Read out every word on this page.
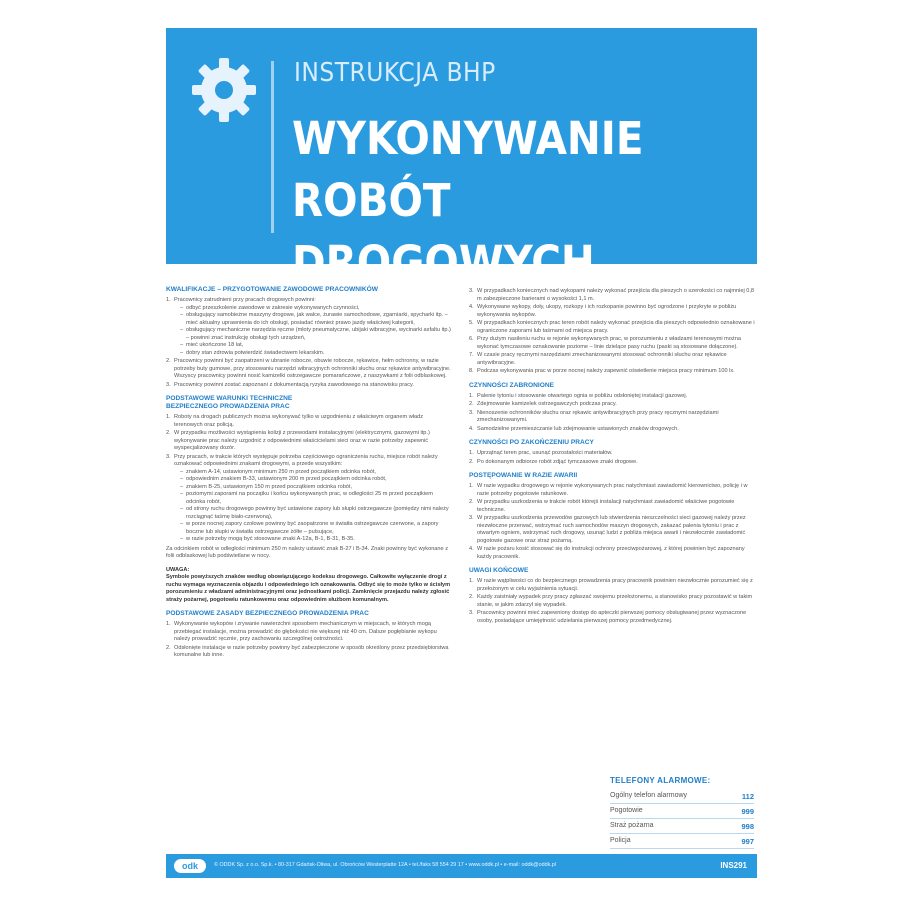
INSTRUKCJA BHP
WYKONYWANIE
ROBÓT DROGOWYCH
KWALIFIKACJE – PRZYGOTOWANIE ZAWODOWE PRACOWNIKÓW
1. Pracownicy zatrudnieni przy pracach drogowych powinni:
– odbyć przeszkolenie zawodowe w zakresie wykonywanych czynności,
– obsługujący samobieżne maszyny drogowe, jak walce, żurawie samochodowe, zgarniarki, spycharki itp. – mieć aktualny uprawnienia do ich obsługi, posiadać również prawo jazdy właściwej kategorii,
– obsługujący mechaniczne narzędzia ręczne (młoty pneumatyczne, ubijaki wibracyjne, wycinarki asfaltu itp.) – powinni znać instrukcję obsługi tych urządzeń,
– mieć ukończone 18 lat,
– dobry stan zdrowia potwierdzić świadectwem lekarskim.
2. Pracownicy powinni być zaopatrzeni w ubranie robocze, obuwie robocze, rękawice, hełm ochronny, w razie potrzeby buty gumowe, przy stosowaniu narzędzi wibracyjnych ochronniki słuchu oraz rękawice antywibracyjne. Wszyscy pracownicy powinni nosić kamizelki ostrzegawcze pomarańczowe, z naszywkami z folii odblaskowej.
3. Pracownicy powinni zostać zapoznani z dokumentacją ryzyka zawodowego na stanowisku pracy.
PODSTAWOWE WARUNKI TECHNICZNE
BEZPIECZNEGO PROWADZENIA PRAC
1. Roboty na drogach publicznych można wykonywać tylko w uzgodnieniu z właściwym organem władz terenowych oraz policją.
2. W przypadku możliwości wystąpienia kolizji z przewodami instalacyjnymi (elektrycznymi, gazowymi itp.) wykonywanie prac należy uzgodnić z odpowiednimi właścicielami sieci oraz w razie potrzeby zapewnić wyspecjalizowany dozór.
3. Przy pracach, w trakcie których występuje potrzeba częściowego ograniczenia ruchu, miejsce robót należy oznakować odpowiednimi znakami drogowymi, a przede wszystkim:
– znakiem A-14, ustawionym minimum 250 m przed początkiem odcinka robót,
– odpowiednim znakiem B-33, ustawionym 200 m przed początkiem odcinka robót,
– znakiem B-25, ustawionym 150 m przed początkiem odcinka robót,
– poziomymi zaporami na początku i końcu wykonywanych prac, w odległości 25 m przed początkiem odcinka robót,
– od strony ruchu drogowego powinny być ustawione zapory lub słupki ostrzegawcze (pomiędzy nimi należy rozciągnąć taśmę biało-czerwoną),
– w porze nocnej zapory czołowe powinny być zaopatrzone w światła ostrzegawcze czerwone, a zapory boczne lub słupki w światła ostrzegawcze żółte – pulsujące,
– w razie potrzeby mogą być stosowane znaki A-12a, B-1, B-31, B-35.
Za odcinkiem robót w odległości minimum 250 m należy ustawić znak B-27 i B-34. Znaki powinny być wykonane z folii odblaskowej lub podświetlane w nocy.
UWAGA:
Symbole powyższych znaków według obowiązującego kodeksu drogowego. Całkowite wyłączenie drogi z ruchu wymaga wyznaczenia objazdu i odpowiedniego ich oznakowania. Odbyć się to może tylko w ścisłym porozumieniu z władzami administracyjnymi oraz jednostkami policji. Zamknięcie przejazdu należy zgłosić straży pożarnej, pogotowiu ratunkowemu oraz odpowiednim służbom komunalnym.
PODSTAWOWE ZASADY BEZPIECZNEGO PROWADZENIA PRAC
1. Wykonywanie wykopów i zrywanie nawierzchni sposobem mechanicznym w miejscach, w których mogą przebiegać instalacje, można prowadzić do głębokości nie większej niż 40 cm. Dalsze pogłębianie wykopu należy prowadzić ręcznie, przy zachowaniu szczególnej ostrożności.
2. Odsłonięte instalacje w razie potrzeby powinny być zabezpieczone w sposób określony przez przedsiębiorstwa komunalne lub inne.
3. W przypadkach koniecznych nad wykopami należy wykonać przejścia dla pieszych o szerokości co najmniej 0,8 m zabezpieczone barierami o wysokości 1,1 m.
4. Wykonywane wykopy, doły, ukopy, rozkopy i ich rozkopanie powinno być ogrodzone i przykryte w pobliżu wykonywania wykopów.
5. W przypadkach koniecznych prac teren robót należy wykonać przejścia dla pieszych odpowiednio oznakowane i ograniczone zaporami lub taśmami od miejsca pracy.
6. Przy dużym nasileniu ruchu w rejonie wykonywanych prac, w porozumieniu z władzami terenowymi można wykonać tymczasowe oznakowanie poziome – linie dzielące pasy ruchu (paski są stosowane dołączone).
7. W czasie pracy ręcznymi narzędziami zmechanizowanymi stosować ochronniki słuchu oraz rękawice antywibracyjne.
8. Podczas wykonywania prac w porze nocnej należy zapewnić oświetlenie miejsca pracy minimum 100 lx.
CZYNNOŚCI ZABRONIONE
1. Palenie tytoniu i stosowanie otwartego ognia w pobliżu odsłoniętej instalacji gazowej.
2. Zdejmowanie kamizelek ostrzegawczych podczas pracy.
3. Nienoszenie ochronników słuchu oraz rękawic antywibracyjnych przy pracy ręcznymi narzędziami zmechanizowanymi.
4. Samodzielne przemieszczanie lub zdejmowanie ustawionych znaków drogowych.
CZYNNOŚCI PO ZAKOŃCZENIU PRACY
1. Uprzątnąć teren prac, usunąć pozostałości materiałów.
2. Po dokonanym odbiorze robót zdjąć tymczasowe znaki drogowe.
POSTĘPOWANIE W RAZIE AWARII
1. W razie wypadku drogowego w rejonie wykonywanych prac natychmiast zawiadomić kierownictwo, policję i w razie potrzeby pogotowie ratunkowe.
2. W przypadku uszkodzenia w trakcie robót którejś instalacji natychmiast zawiadomić właściwe pogotowie techniczne.
3. W przypadku uszkodzenia przewodów gazowych lub stwierdzenia nieszczelności sieci gazowej należy przez niezwłoczne przerwać, wstrzymać ruch samochodów maszyn drogowych, zakazać palenia tytoniu i prac z otwartym ogniem, wstrzymać ruch drogowy, usunąć ludzi z pobliża miejsca awarii i niezwłocznie zawiadomić pogotowie gazowe oraz straż pożarną.
4. W razie pożaru kosić stosować się do instrukcji ochrony przeciwpożarowej, z której powinien być zapoznany każdy pracownik.
UWAGI KOŃCOWE
1. W razie wątpliwości co do bezpiecznego prowadzenia pracy pracownik powinien niezwłocznie porozumieć się z przełożonym w celu wyjaśnienia sytuacji.
2. Każdy zaistniały wypadek przy pracy zgłaszać swojemu przełożonemu, a stanowisko pracy pozostawić w takim stanie, w jakim zdarzył się wypadek.
3. Pracownicy powinni mieć zapewniony dostęp do apteczki pierwszej pomocy obsługiwanej przez wyznaczone osoby, posiadające umiejętność udzielania pierwszej pomocy przedmedycznej.
TELEFONY ALARMOWE:
Ogólny telefon alarmowy	112
Pogotowie	999
Straż pożarna	998
Policja	997
odk	© ODDK Sp. z o.o. Sp.k. • 80-317 Gdańsk-Oliwa, ul. Obrońców Westerplatte 12A • tel./faks 58 554 29 17 • www.oddk.pl • e-mail: oddk@oddk.pl	INS291
